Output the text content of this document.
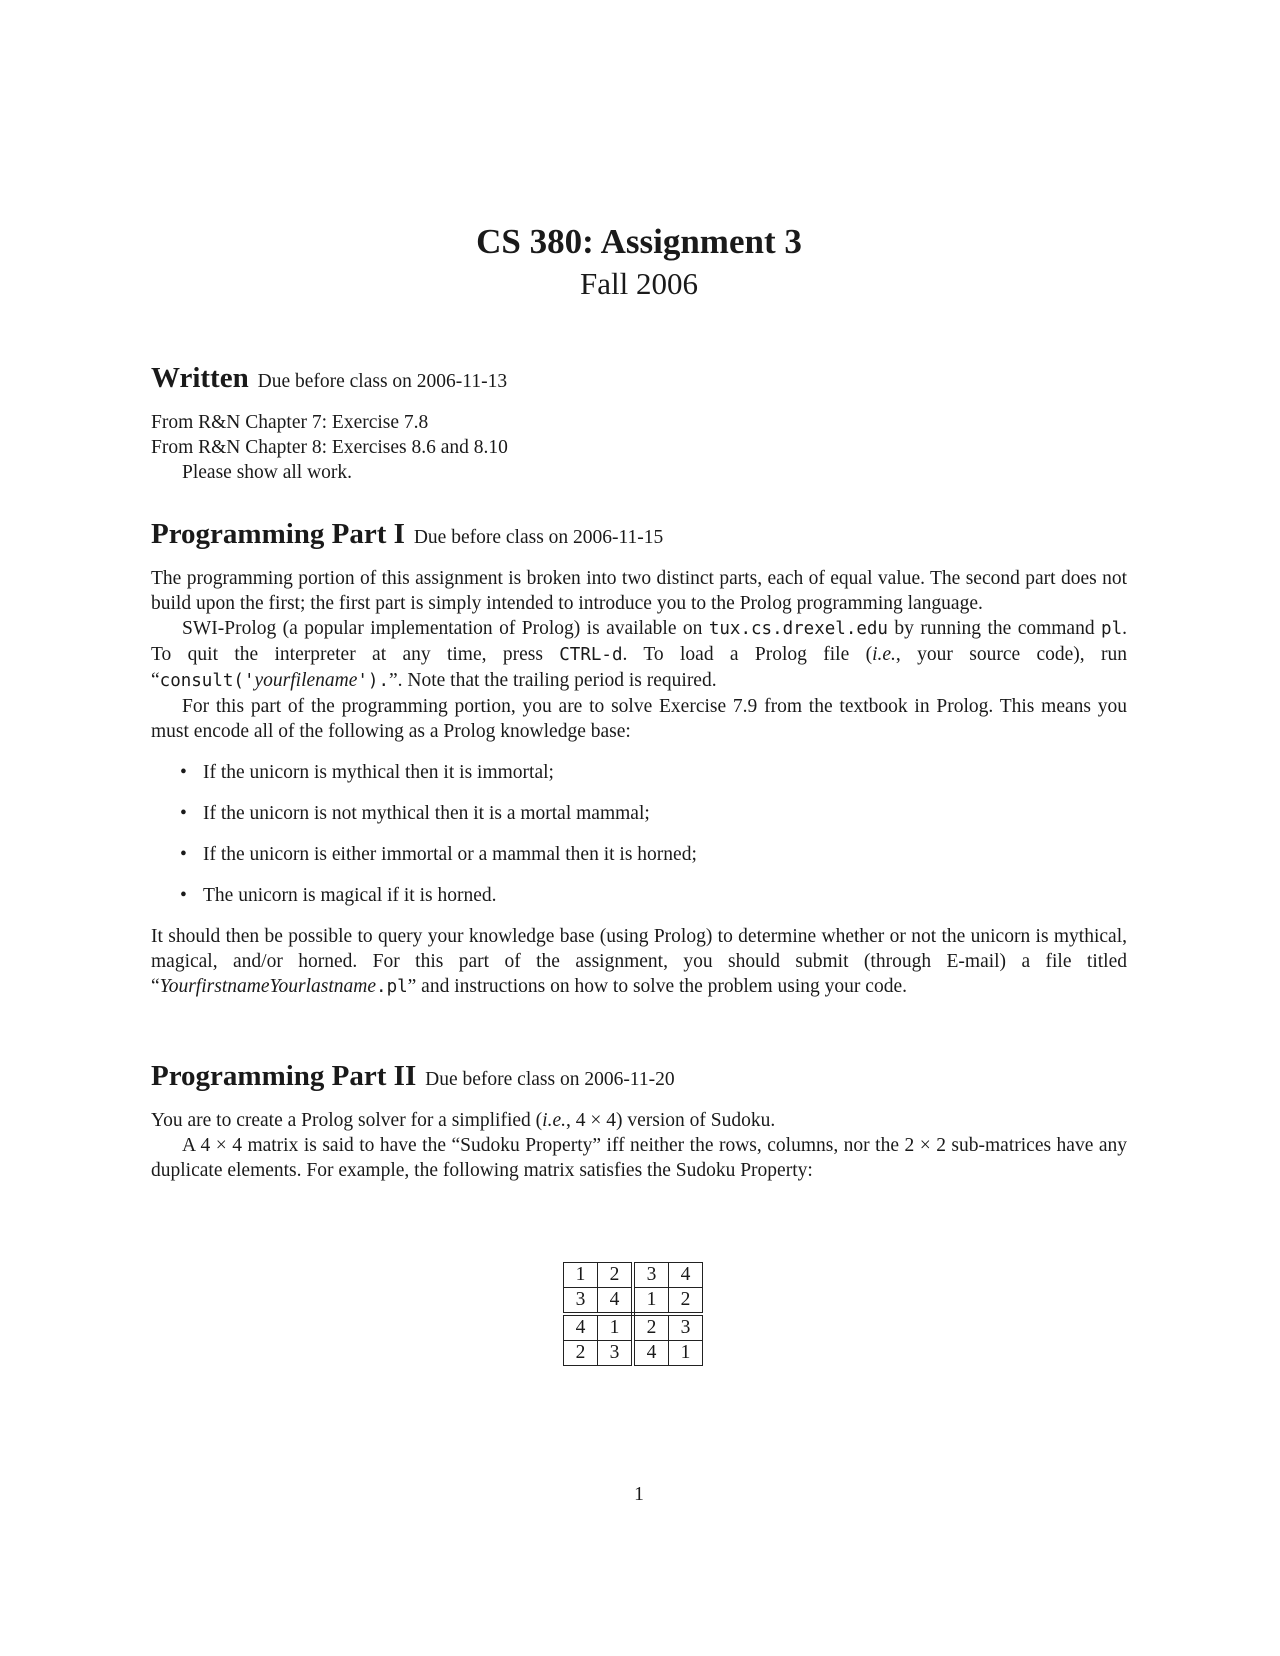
CS 380: Assignment 3
Fall 2006
Written Due before class on 2006-11-13
From R&N Chapter 7: Exercise 7.8
From R&N Chapter 8: Exercises 8.6 and 8.10
Please show all work.
Programming Part I Due before class on 2006-11-15

The programming portion of this assignment is broken into two distinct parts, each of equal value. The second part does not build upon the first; the first part is simply intended to introduce you to the Prolog programming language.

SWI-Prolog (a popular implementation of Prolog) is available on tux.cs.drexel.edu by running the command pl. To quit the interpreter at any time, press CTRL-d. To load a Prolog file (i.e., your source code), run “consult('yourfilename').”. Note that the trailing period is required.

For this part of the programming portion, you are to solve Exercise 7.9 from the textbook in Prolog. This means you must encode all of the following as a Prolog knowledge base:

• If the unicorn is mythical then it is immortal;
• If the unicorn is not mythical then it is a mortal mammal;
• If the unicorn is either immortal or a mammal then it is horned;
• The unicorn is magical if it is horned.

It should then be possible to query your knowledge base (using Prolog) to determine whether or not the unicorn is mythical, magical, and/or horned. For this part of the assignment, you should submit (through E-mail) a file titled “YourfirstnameYourlastname.pl” and instructions on how to solve the problem using your code.

Programming Part II Due before class on 2006-11-20

You are to create a Prolog solver for a simplified (i.e., 4 × 4) version of Sudoku.

A 4 × 4 matrix is said to have the “Sudoku Property” iff neither the rows, columns, nor the 2 × 2 sub-matrices have any duplicate elements. For example, the following matrix satisfies the Sudoku Property:

1	2	3	4
3	4	1	2
4	1	2	3
2	3	4	1
1
